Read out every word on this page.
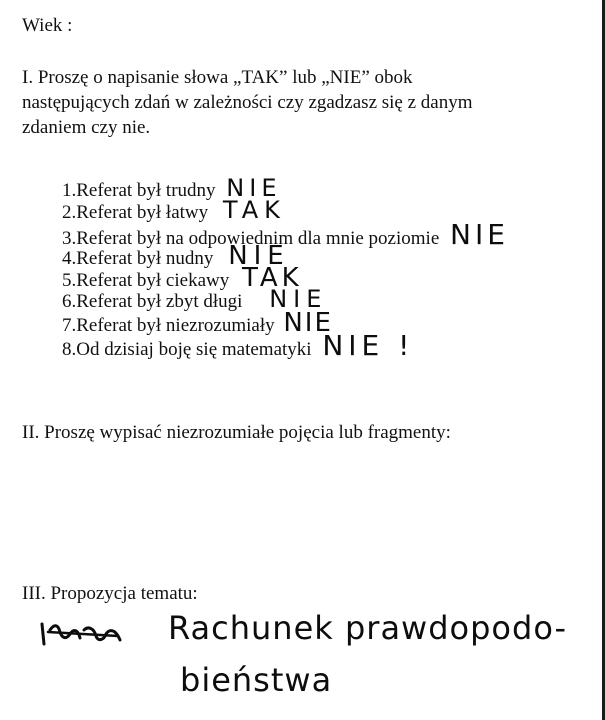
Wiek :
I. Proszę o napisanie słowa „TAK” lub „NIE” obok
następujących zdań w zależności czy zgadzasz się z danym
zdaniem czy nie.
1.Referat był trudny NIE
2.Referat był łatwy TAK
3.Referat był na odpowiednim dla mnie poziomie NIE
4.Referat był nudny NIE
5.Referat był ciekawy TAK
6.Referat był zbyt długi NIE
7.Referat był niezrozumiały NIE
8.Od dzisiaj boję się matematyki NIE !
II. Proszę wypisać niezrozumiałe pojęcia lub fragmenty:
III. Propozycja tematu:
Rachunek prawdopodo-
bieństwa
